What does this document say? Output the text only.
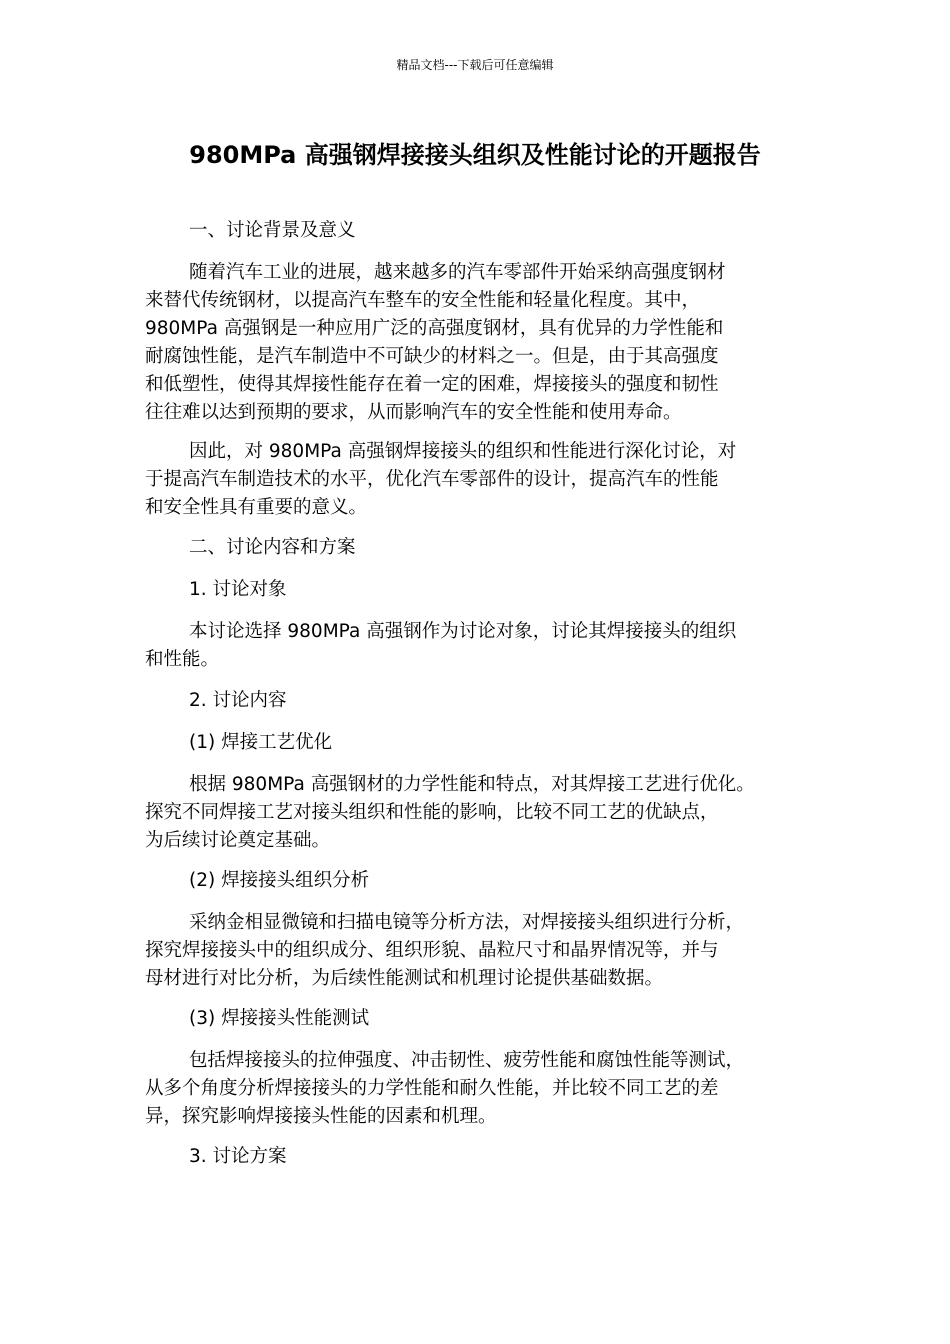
精品文档---下载后可任意编辑
980MPa 高强钢焊接接头组织及性能讨论的开题报告
一、讨论背景及意义
随着汽车工业的进展，越来越多的汽车零部件开始采纳高强度钢材
来替代传统钢材，以提高汽车整车的安全性能和轻量化程度。其中，
980MPa 高强钢是一种应用广泛的高强度钢材，具有优异的力学性能和
耐腐蚀性能，是汽车制造中不可缺少的材料之一。但是，由于其高强度
和低塑性，使得其焊接性能存在着一定的困难，焊接接头的强度和韧性
往往难以达到预期的要求，从而影响汽车的安全性能和使用寿命。
因此，对 980MPa 高强钢焊接接头的组织和性能进行深化讨论，对
于提高汽车制造技术的水平，优化汽车零部件的设计，提高汽车的性能
和安全性具有重要的意义。
二、讨论内容和方案
1. 讨论对象
本讨论选择 980MPa 高强钢作为讨论对象，讨论其焊接接头的组织
和性能。
2. 讨论内容
(1) 焊接工艺优化
根据 980MPa 高强钢材的力学性能和特点，对其焊接工艺进行优化。
探究不同焊接工艺对接头组织和性能的影响，比较不同工艺的优缺点，
为后续讨论奠定基础。
(2) 焊接接头组织分析
采纳金相显微镜和扫描电镜等分析方法，对焊接接头组织进行分析，
探究焊接接头中的组织成分、组织形貌、晶粒尺寸和晶界情况等，并与
母材进行对比分析，为后续性能测试和机理讨论提供基础数据。
(3) 焊接接头性能测试
包括焊接接头的拉伸强度、冲击韧性、疲劳性能和腐蚀性能等测试，
从多个角度分析焊接接头的力学性能和耐久性能，并比较不同工艺的差
异，探究影响焊接接头性能的因素和机理。
3. 讨论方案
